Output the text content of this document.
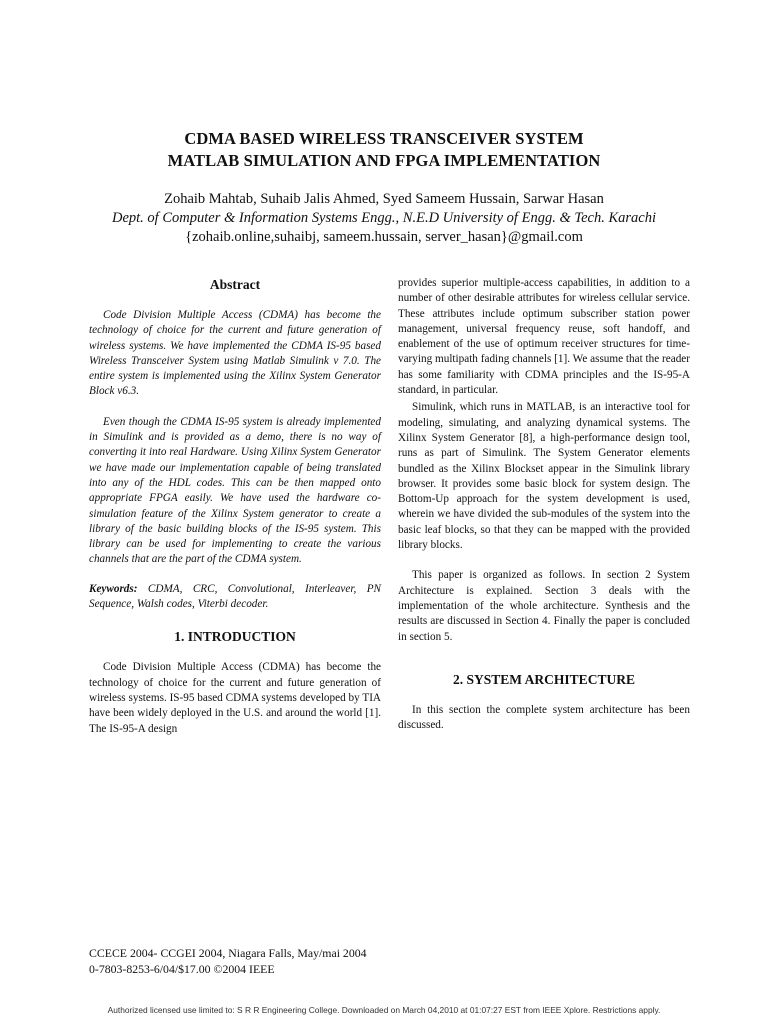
CDMA BASED WIRELESS TRANSCEIVER SYSTEM
MATLAB SIMULATION AND FPGA IMPLEMENTATION
Zohaib Mahtab, Suhaib Jalis Ahmed, Syed Sameem Hussain, Sarwar Hasan
Dept. of Computer & Information Systems Engg., N.E.D University of Engg. & Tech. Karachi
{zohaib.online,suhaibj, sameem.hussain, server_hasan}@gmail.com
Abstract

Code Division Multiple Access (CDMA) has become the technology of choice for the current and future generation of wireless systems. We have implemented the CDMA IS-95 based Wireless Transceiver System using Matlab Simulink v 7.0. The entire system is implemented using the Xilinx System Generator Block v6.3.

Even though the CDMA IS-95 system is already implemented in Simulink and is provided as a demo, there is no way of converting it into real Hardware. Using Xilinx System Generator we have made our implementation capable of being translated into any of the HDL codes. This can be then mapped onto appropriate FPGA easily. We have used the hardware co-simulation feature of the Xilinx System generator to create a library of the basic building blocks of the IS-95 system. This library can be used for implementing to create the various channels that are the part of the CDMA system.

Keywords: CDMA, CRC, Convolutional, Interleaver, PN Sequence, Walsh codes, Viterbi decoder.

1. INTRODUCTION

Code Division Multiple Access (CDMA) has become the technology of choice for the current and future generation of wireless systems. IS-95 based CDMA systems developed by TIA have been widely deployed in the U.S. and around the world [1]. The IS-95-A design

provides superior multiple-access capabilities, in addition to a number of other desirable attributes for wireless cellular service. These attributes include optimum subscriber station power management, universal frequency reuse, soft handoff, and enablement of the use of optimum receiver structures for time-varying multipath fading channels [1]. We assume that the reader has some familiarity with CDMA principles and the IS-95-A standard, in particular.

Simulink, which runs in MATLAB, is an interactive tool for modeling, simulating, and analyzing dynamical systems. The Xilinx System Generator [8], a high-performance design tool, runs as part of Simulink. The System Generator elements bundled as the Xilinx Blockset appear in the Simulink library browser. It provides some basic block for system design. The Bottom-Up approach for the system development is used, wherein we have divided the sub-modules of the system into the basic leaf blocks, so that they can be mapped with the provided library blocks.

This paper is organized as follows. In section 2 System Architecture is explained. Section 3 deals with the implementation of the whole architecture. Synthesis and the results are discussed in Section 4. Finally the paper is concluded in section 5.

2. SYSTEM ARCHITECTURE

In this section the complete system architecture has been discussed.

CCECE 2004- CCGEI 2004, Niagara Falls, May/mai 2004
0-7803-8253-6/04/$17.00 ©2004 IEEE
Authorized licensed use limited to: S R R Engineering College. Downloaded on March 04,2010 at 01:07:27 EST from IEEE Xplore. Restrictions apply.
